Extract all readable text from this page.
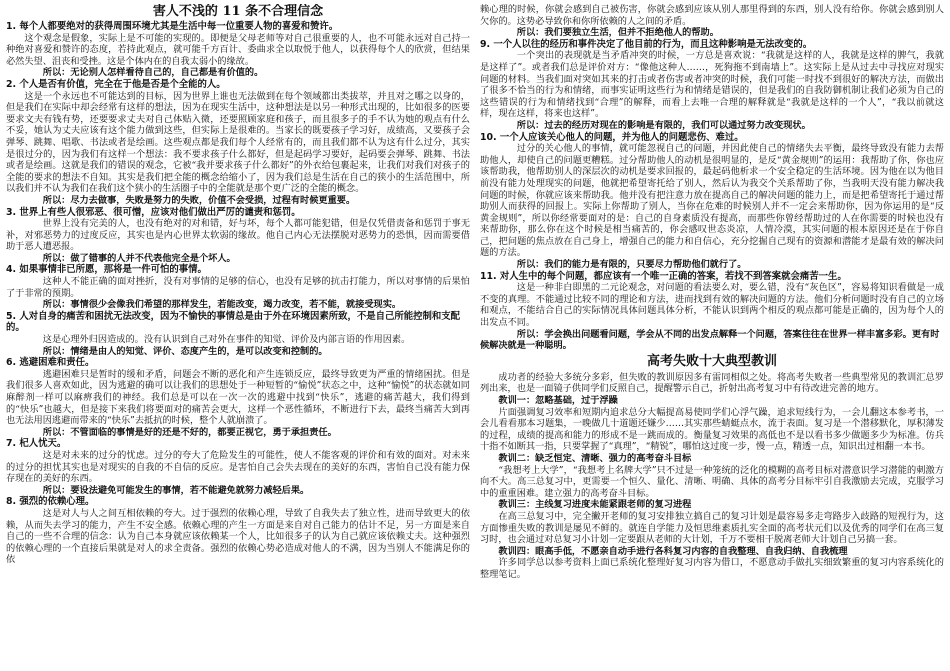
害人不浅的 11 条不合理信念
1. 每个人都要绝对的获得周围环境尤其是生活中每一位重要人物的喜爱和赞许。
这个观念是假象，实际上是不可能的实现的。即便是父母老师等对自己很重要的人，也不可能永远对自己持一种绝对喜爱和赞许的态度，若持此观点，就可能千方百计、委曲求全以取悦于他人，以获得每个人的欣赏，但结果必然失望、沮丧和受挫。这是个体内在的自我太弱小的缘故。
所以：无论别人怎样看待自己的，自己都是有价值的。
2. 个人是否有价值，完全在于他是否是个全能的人。
这是一个永远也不可能达到的目标，因为世界上谁也无法做到在每个领域都出类拔萃，并且对之哪之以身的，但是我们在实际中却会经常有这样的想法，因为在现实生活中，这种想法是以另一种形式出现的，比如很多的医要要求文夫有钱有势，还要要求丈夫对自己体贴入微，还要照顾家庭和孩子，而且很多子的手不认为她的观点有什么不妥，她认为丈夫应该有这个能力做到这些，但实际上是很难的。当家长的既要孩子学习好，成绩高，又要孩子会弹琴、跳舞、唱歌、书法或者是绘画。这些观点都是我们每个人经常有的，而且我们都不认为这有什么过分，其实是很过分的，因为我们有这样一个想法：我不要求孩子什么都好，但是起码学习要好，起码要会弹琴、跳舞、书法或者是绘画。这就是我们的错误的观念，它被“我并要求孩子什么都好”的外衣给包裹起来，让我们对我们对孩子的全能的要求的想法不自知。其实是我们把全能的概念给缩小了，因为我们总是生活在自己的狭小的生活范围中，所以我们并不认为我们在我们这个狭小的生活圈子中的全能就是那个更广泛的全能的概念。
所以：尽力去做事，失败是努力的失败，价值不会受损，过程有时候更重要。
3. 世界上有些人很邪恶、很可憎，应该对他们做出严厉的谴责和惩罚。
世界上没有完美的人，也没有绝对的对和错，好与坏，每个人都可能犯错，但是仅凭借责备和惩罚于事无补，对邪恶势力的过度反应，其实也是内心世界太软弱的缘故。他自己内心无法摆脱对恶势力的恐惧，因而需要借助于恶人遭恶报。
所以：做了错事的人并不代表他完全是个坏人。
4. 如果事情非已所愿，那将是一件可怕的事情。
这种人不能正确的面对挫折，没有对事情的足够的信心，也没有足够的抗击打能力，所以对事情的后果怕了于非常的预期。
所以：事情很少会像我们希望的那样发生，若能改变，竭力改变，若不能，就接受现实。
5. 人对自身的痛苦和困扰无法改变，因为不愉快的事情总是由于外在环境因素所致，不是自己所能控制和支配的。
这是心理外归因造成的。没有认识到自己对外在事件的知觉、评价及内部言语的作用因素。
所以：情绪是由人的知觉、评价、态度产生的，是可以改变和控制的。
6. 逃避困难和责任。
逃避困难只是暂时的缓和矛盾，问题会不断的恶化和产生连锁反应，最终导致更为严重的情绪困扰。但是我们很多人喜欢如此，因为逃避的确可以让我们的思想处于一种短暂的“愉悦”状态之中，这种“愉悦”的状态就如同麻醉剂一样可以麻痹我们的神经。我们总是可以在一次一次的逃避中找到“快乐”，逃避的痛苦越大，我们得到的“快乐”也越大，但是接下来我们将要面对的痛苦会更大，这样一个恶性循环，不断进行下去，最终当痛苦大到再也无法用因逃避而带来的“快乐”去抵抗的时候，整个人就崩溃了。
所以：不管面临的事情是好的还是不好的，都要正视它，勇于承担责任。
7. 杞人忧天。
这是对未来的过分的忧虑。过分的夸大了危险发生的可能性，使人不能客观的评价和有效的面对。对未来的过分的担忧其实也是对现实的自我的不自信的反应。是害怕自己会失去现在的美好的东西，害怕自己没有能力保存现在的美好的东西。
所以：要设法避免可能发生的事情，若不能避免就努力减轻后果。
8. 强烈的依赖心理。
这是对人与人之间互相依赖的夸大。过于强烈的依赖心理，导致了自我失去了独立性，进而导致更大的依赖，从而失去学习的能力，产生不安全感。依赖心理的产生一方面是来自对自己能力的估计不足，另一方面是来自自己的一些不合理的信念：认为自己本身就应该依赖某一个人，比如很多子的认为自己就应该依赖丈夫。这种强烈的依赖心理的一个直接后果就是对人的求全责备。强烈的依赖心势必造成对他人的不满，因为当别人不能满足你的依
赖心理的时候，你就会感到自己被伤害，你就会感到应该从别人那里得到的东西，别人没有给你。你就会感到别人欠你的。这势必导致你和你所依赖的人之间的矛盾。
所以：我们要独立生活，但并不拒绝他人的帮助。
9. 一个人以往的经历和事件决定了他目前的行为，而且这种影响是无法改变的。
一个突出的表现就是当矛盾冲突的时候，一方总是喜欢说：“我就是这样的人，我就是这样的脾气，我就是这样了”。或者我们总是评价对方：“像他这种人……，死狗拖不到南墙上”。这实际上是从过去中寻找应对现实问题的材料。当我们面对突如其来的打击或者伤害或者冲突的时候，我们可能一时找不到很好的解决方法，而做出了很多不恰当的行为和情绪，而事实证明这些行为和情绪是错误的，但是我们的自我防御机制让我们必须为自己的这些错误的行为和情绪找到“合理”的解释，而看上去唯一合理的解释就是“我就是这样的一个人”，“我以前就这样，现在这样，将来也这样”。
所以：过去的经历对现在的影响是有限的，我们可以通过努力改变现状。
10. 一个人应该关心他人的问题，并为他人的问题悲伤、难过。
过分的关心他人的事情，就可能忽视自己的问题，并因此使自己的情绪失去平衡，最终导致没有能力去帮助他人，却使自己的问题更糟糕。过分帮助他人的动机是很明显的，是反“黄金规则”的运用：我帮助了你，你也应该帮助我，他帮助别人的深层次的动机是要求回报的，最起码他析求一个安全稳定的生活环境。因为他在以为他目前没有能力处理现实的问题，他就把希望寄托给了别人，然后认为我交个关系帮助了你，当我明天没有能力解决我问题的时候，你就应该来帮助我。他并没有把注意力放在提高自己的解决问题的能力上，而是把希望寄托于通过帮助别人而获得的回报上。实际上你帮助了别人，当你在危难的时候别人并不一定会来帮助你，因为你运用的是“反黄金规则”，所以你经常要面对的是：自己的自身素质没有提高，而那些你曾经帮助过的人在你需要的时候也没有来帮助你，那么你在这个时候是相当痛苦的，你会感叹世态炎凉，人情冷漠，其实问题的根本原因还是在于你自己，把问题的焦点放在自己身上，增强自己的能力和自信心，充分挖掘自己现有的资源和潜能才是最有效的解决问题的方法。
所以：我们的能力是有限的，只要尽力帮助他们就行了。
11. 对人生中的每个问题，都应该有一个唯一正确的答案，若找不到答案就会痛苦一生。
这是一种非白即黑的二元论观念，对问题的看法要么对，要么错，没有“灰色区”，容易将知识看做是一成不变的真理。不能通过比较不同的理论和方法，进而找到有效的解决问题的方法。他们分析问题时没有自己的立场和观点，不能结合自己的实际情况具体问题具体分析，不能认识到两个相反的观点都可能是正确的，因为每个人的出发点不同。
所以：学会换出问题看问题，学会从不同的出发点解释一个问题，答案往往在世界一样丰富多彩。更有时候解决就是一种聪明。
高考失败十大典型教训
成功者的经验大多统分多彩，但失败的教训原因多有雷同相似之处。将高考失败者一些典型常见的教训汇总罗列出来，也是一面镜子供同学们反照自己，提醒警示自己，折射出高考复习中有待改进完善的地方。
教训一：忽略基础，过于浮躁
片面强调复习效率和短期内追求总分大幅提高易使同学们心浮气躁，追求短线行为，一会儿翻这本参考书，一会儿看看那本习题集，一晚做几十道题还嫌少……其实那些蜻蜓点水，流于表面。复习是一个潜移默化，厚积薄发的过程，成绩的提高和能力的形成不是一跳而成的。衡量复习效果的高低也不是以看书多少做题多少为标准。仿兵十指不如断其一指，只要掌握了“真理”，“精锐”，哪怕这过度一步，慢一点，精透一点，知识出过相翻一本书。
教训二：缺乏恒定、清晰、强力的高考奋斗目标
“我想考上大学”，“我想考上名牌大学”只不过是一种笼统的泛化的模糊的高考目标对潜意识学习潜能的刺激方向不大。高三总复习中，更需要一个恒久、量化、清晰、明确、具体的高考分目标牢引自我激励去完成，克服学习中的重重困难。建立强力的高考奋斗目标。
教训三：主线复习进度未能紧跟老师的复习进程
在高三总复习中，完全撇开老师的复习安排独立搞自己的复习计划是最容易多走弯路步入歧路的短视行为，这方面惨重失败的教训是屡见不鲜的。就连自学能力及恒思维素质扎实全面的高考状元们以及优秀的同学们在高三复习时，也会通过对总复习小计划一定要跟从老师的大计划，千万不要相干脱离老师大计划自己另搞一套。
教训四：眼高手低，不愿亲自动手进行各科复习内容的自我整理、自我归纳、自我梳理
许多同学总以参考资料上面已系统化整理好复习内容为借口，不愿意动手做扎实细致繁重的复习内容系统化的整理笔记。
